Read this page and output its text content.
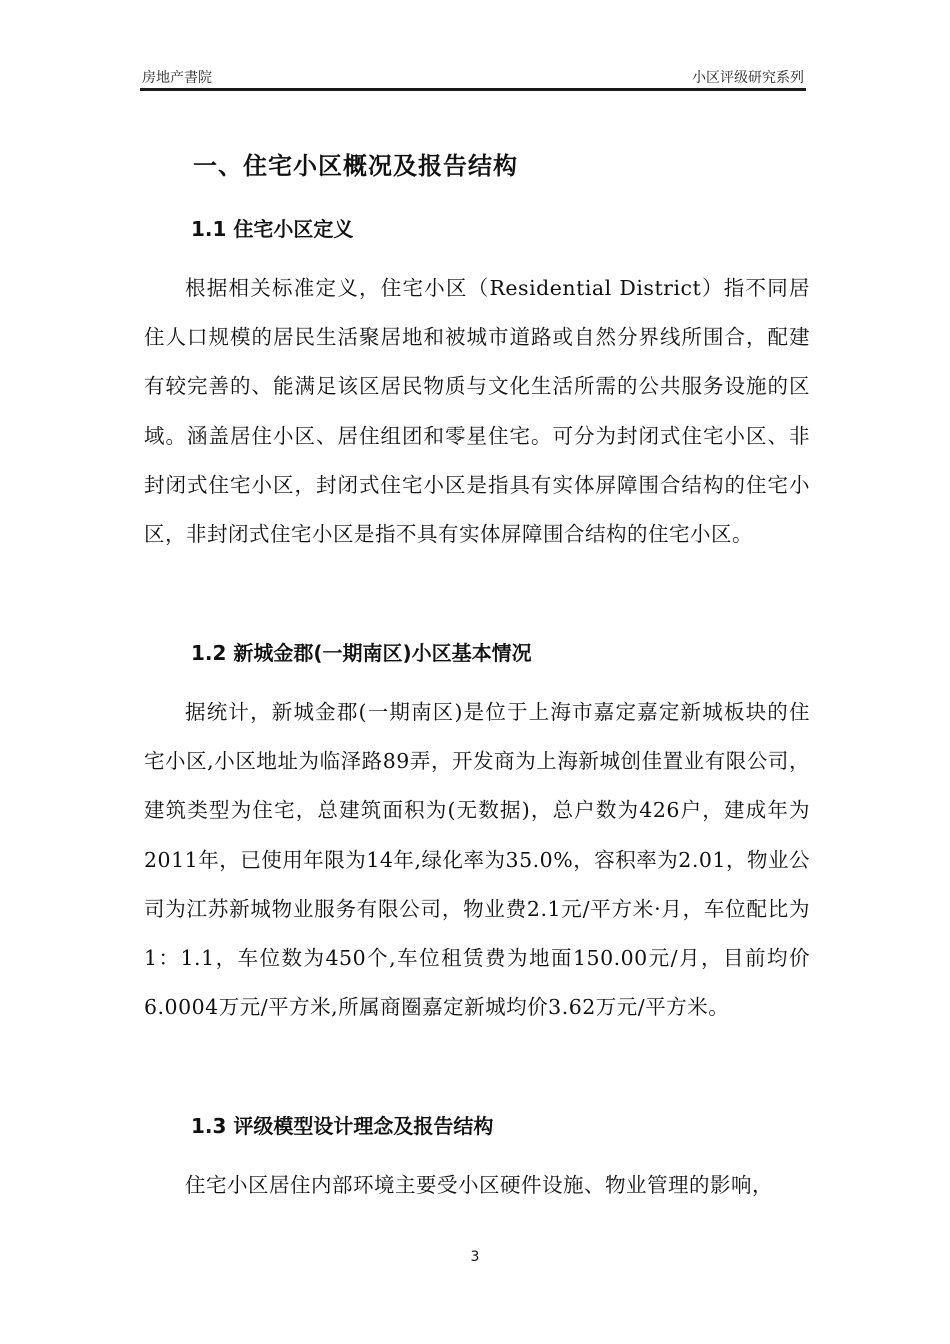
房地产書院	小区评级研究系列
一、住宅小区概况及报告结构
1.1 住宅小区定义
根据相关标准定义，住宅小区（Residential District）指不同居住人口规模的居民生活聚居地和被城市道路或自然分界线所围合，配建有较完善的、能满足该区居民物质与文化生活所需的公共服务设施的区域。涵盖居住小区、居住组团和零星住宅。可分为封闭式住宅小区、非封闭式住宅小区，封闭式住宅小区是指具有实体屏障围合结构的住宅小区，非封闭式住宅小区是指不具有实体屏障围合结构的住宅小区。
1.2 新城金郡(一期南区)小区基本情况
据统计，新城金郡(一期南区)是位于上海市嘉定嘉定新城板块的住宅小区,小区地址为临泽路89弄，开发商为上海新城创佳置业有限公司，建筑类型为住宅，总建筑面积为(无数据)，总户数为426户，建成年为2011年，已使用年限为14年,绿化率为35.0%，容积率为2.01，物业公司为江苏新城物业服务有限公司，物业费2.1元/平方米·月，车位配比为1：1.1，车位数为450个,车位租赁费为地面150.00元/月，目前均价6.0004万元/平方米,所属商圈嘉定新城均价3.62万元/平方米。
1.3 评级模型设计理念及报告结构
住宅小区居住内部环境主要受小区硬件设施、物业管理的影响，
3
